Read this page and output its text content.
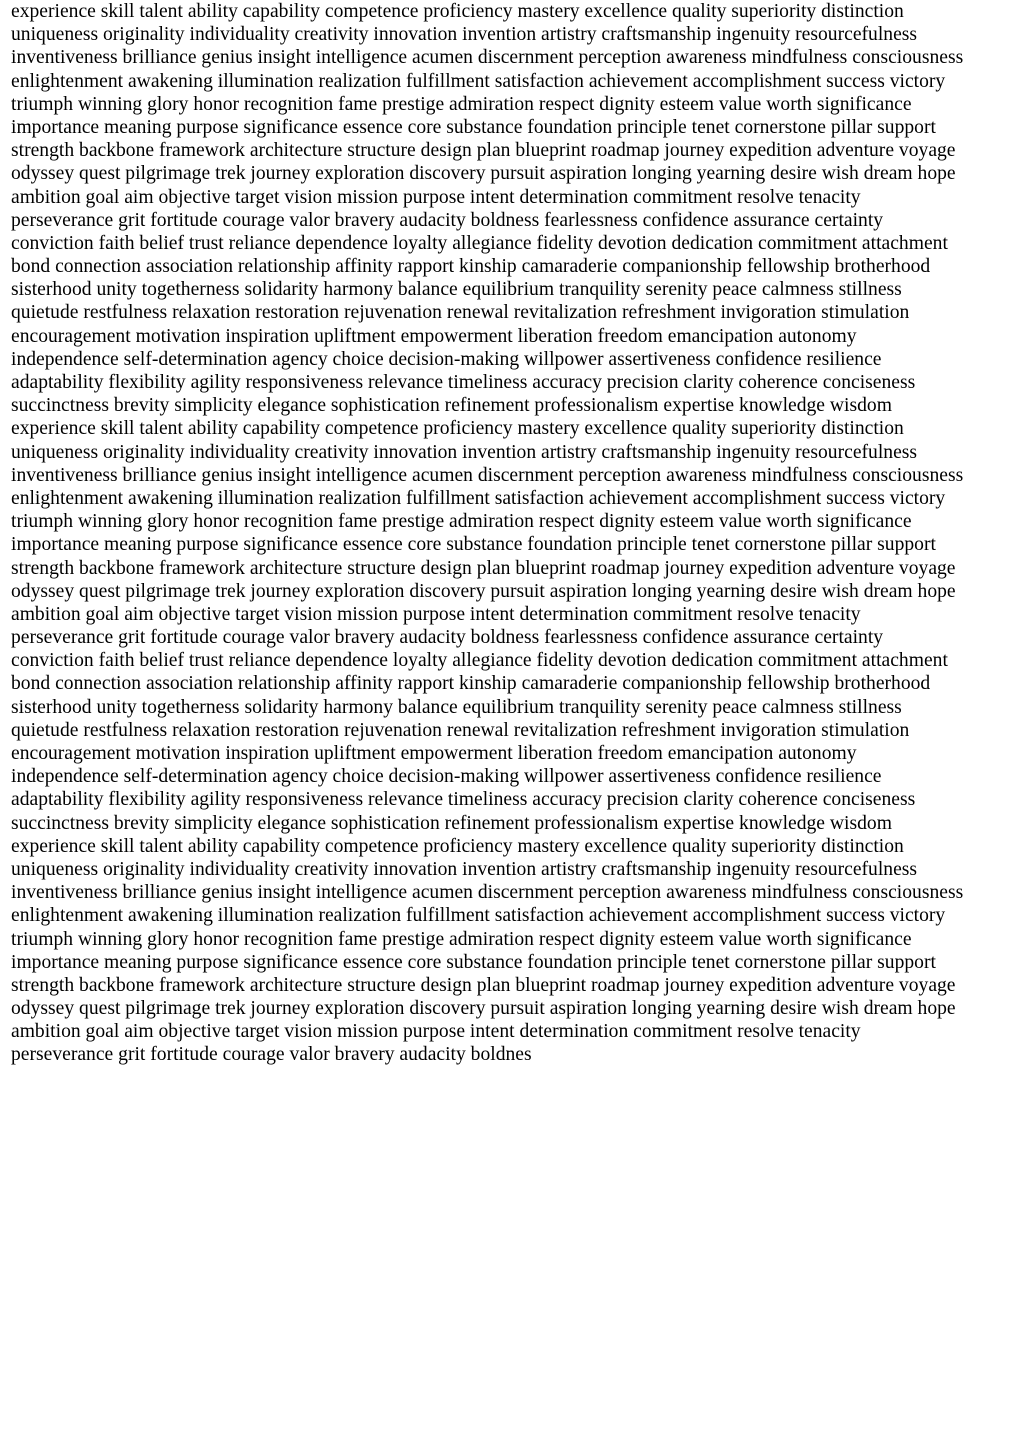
experience skill talent ability capability competence proficiency mastery excellence quality superiority distinction
uniqueness originality individuality creativity innovation invention artistry craftsmanship ingenuity resourcefulness
inventiveness brilliance genius insight intelligence acumen discernment perception awareness mindfulness consciousness
enlightenment awakening illumination realization fulfillment satisfaction achievement accomplishment success victory
triumph winning glory honor recognition fame prestige admiration respect dignity esteem value worth significance
importance meaning purpose significance essence core substance foundation principle tenet cornerstone pillar support
strength backbone framework architecture structure design plan blueprint roadmap journey expedition adventure voyage
odyssey quest pilgrimage trek journey exploration discovery pursuit aspiration longing yearning desire wish dream hope
ambition goal aim objective target vision mission purpose intent determination commitment resolve tenacity
perseverance grit fortitude courage valor bravery audacity boldness fearlessness confidence assurance certainty
conviction faith belief trust reliance dependence loyalty allegiance fidelity devotion dedication commitment attachment
bond connection association relationship affinity rapport kinship camaraderie companionship fellowship brotherhood
sisterhood unity togetherness solidarity harmony balance equilibrium tranquility serenity peace calmness stillness
quietude restfulness relaxation restoration rejuvenation renewal revitalization refreshment invigoration stimulation
encouragement motivation inspiration upliftment empowerment liberation freedom emancipation autonomy
independence self-determination agency choice decision-making willpower assertiveness confidence resilience
adaptability flexibility agility responsiveness relevance timeliness accuracy precision clarity coherence conciseness
succinctness brevity simplicity elegance sophistication refinement professionalism expertise knowledge wisdom
experience skill talent ability capability competence proficiency mastery excellence quality superiority distinction
uniqueness originality individuality creativity innovation invention artistry craftsmanship ingenuity resourcefulness
inventiveness brilliance genius insight intelligence acumen discernment perception awareness mindfulness consciousness
enlightenment awakening illumination realization fulfillment satisfaction achievement accomplishment success victory
triumph winning glory honor recognition fame prestige admiration respect dignity esteem value worth significance
importance meaning purpose significance essence core substance foundation principle tenet cornerstone pillar support
strength backbone framework architecture structure design plan blueprint roadmap journey expedition adventure voyage
odyssey quest pilgrimage trek journey exploration discovery pursuit aspiration longing yearning desire wish dream hope
ambition goal aim objective target vision mission purpose intent determination commitment resolve tenacity
perseverance grit fortitude courage valor bravery audacity boldness fearlessness confidence assurance certainty
conviction faith belief trust reliance dependence loyalty allegiance fidelity devotion dedication commitment attachment
bond connection association relationship affinity rapport kinship camaraderie companionship fellowship brotherhood
sisterhood unity togetherness solidarity harmony balance equilibrium tranquility serenity peace calmness stillness
quietude restfulness relaxation restoration rejuvenation renewal revitalization refreshment invigoration stimulation
encouragement motivation inspiration upliftment empowerment liberation freedom emancipation autonomy
independence self-determination agency choice decision-making willpower assertiveness confidence resilience
adaptability flexibility agility responsiveness relevance timeliness accuracy precision clarity coherence conciseness
succinctness brevity simplicity elegance sophistication refinement professionalism expertise knowledge wisdom
experience skill talent ability capability competence proficiency mastery excellence quality superiority distinction
uniqueness originality individuality creativity innovation invention artistry craftsmanship ingenuity resourcefulness
inventiveness brilliance genius insight intelligence acumen discernment perception awareness mindfulness consciousness
enlightenment awakening illumination realization fulfillment satisfaction achievement accomplishment success victory
triumph winning glory honor recognition fame prestige admiration respect dignity esteem value worth significance
importance meaning purpose significance essence core substance foundation principle tenet cornerstone pillar support
strength backbone framework architecture structure design plan blueprint roadmap journey expedition adventure voyage
odyssey quest pilgrimage trek journey exploration discovery pursuit aspiration longing yearning desire wish dream hope
ambition goal aim objective target vision mission purpose intent determination commitment resolve tenacity
perseverance grit fortitude courage valor bravery audacity boldnes
